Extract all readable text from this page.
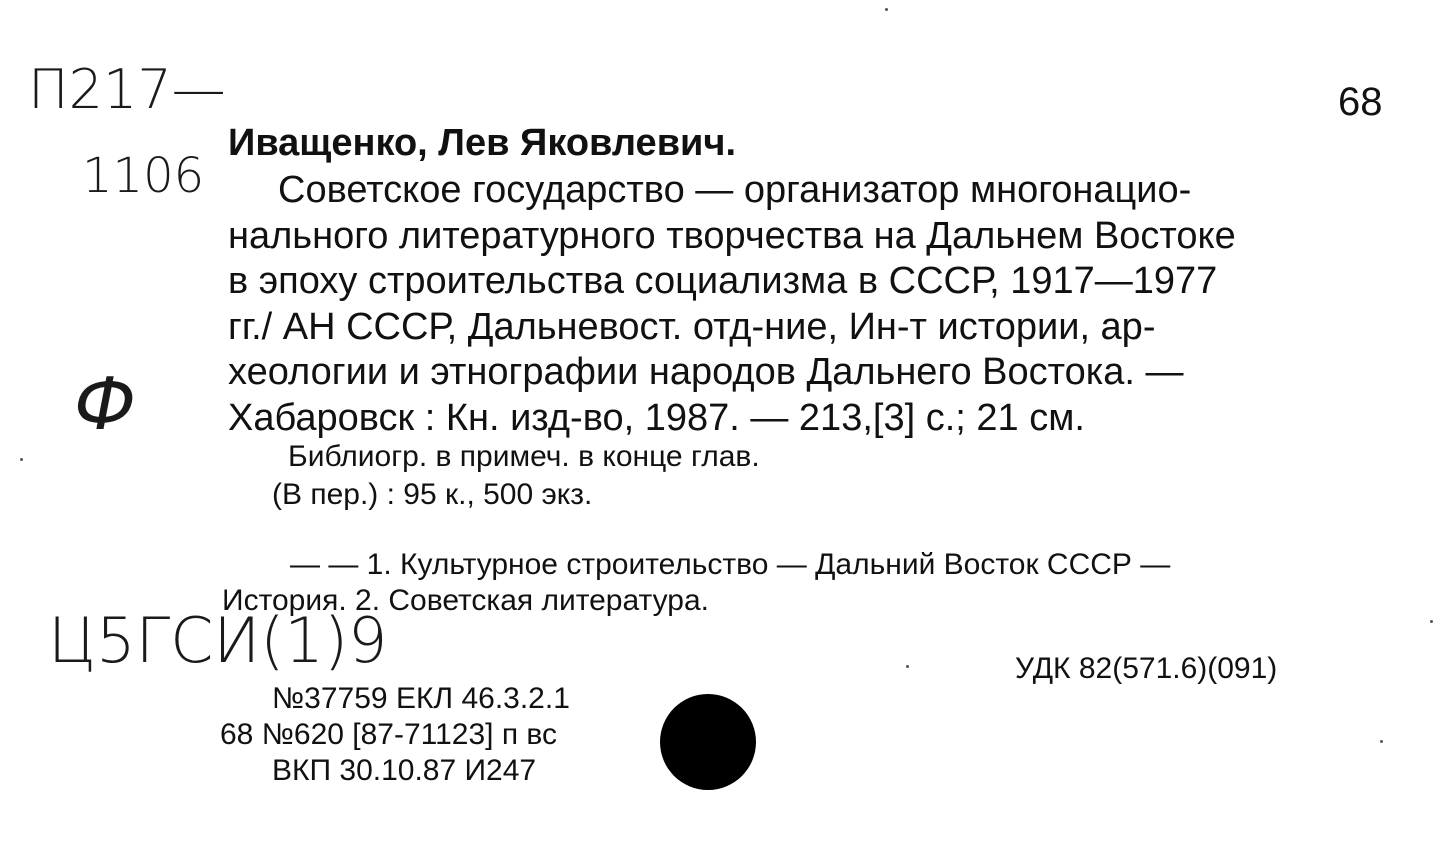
П217—

1106

Ф

Ц5ГСИ(1)9

68

Иващенко, Лев Яковлевич.

Советское государство — организатор многонацио-

нального литературного творчества на Дальнем Востоке

в эпоху строительства социализма в СССР, 1917—1977

гг./ АН СССР, Дальневост. отд-ние, Ин-т истории, ар-

хеологии и этнографии народов Дальнего Востока. —

Хабаровск : Кн. изд-во, 1987. — 213,[3] с.; 21 см.

Библиогр. в примеч. в конце глав.

(В пер.) : 95 к., 500 экз.

— — 1. Культурное строительство — Дальний Восток СССР —

История. 2. Советская литература.

УДК 82(571.6)(091)

№37759 ЕКЛ 46.3.2.1

68 №620 [87-71123] п вс

ВКП 30.10.87 И247
